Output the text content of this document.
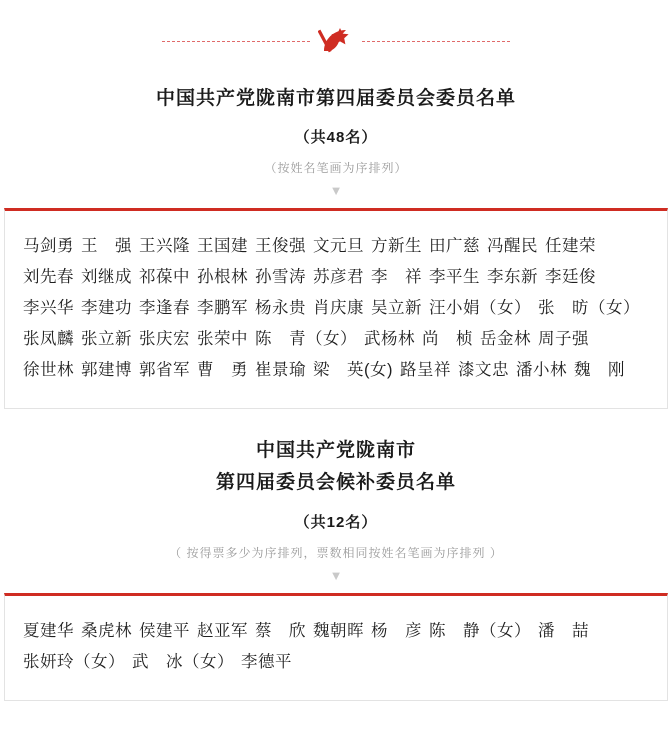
中国共产党陇南市第四届委员会委员名单
（共48名）
（按姓名笔画为序排列）
▼
马剑勇 王　强 王兴隆 王国建 王俊强 文元旦 方新生 田广慈 冯醒民 任建荣刘先春 刘继成 祁葆中 孙根林 孙雪涛 苏彦君 李　祥 李平生 李东新 李廷俊李兴华 李建功 李逢春 李鹏军 杨永贵 肖庆康 吴立新 汪小娟（女） 张　昉（女）张凤麟 张立新 张庆宏 张荣中 陈　青（女） 武杨林 尚　桢 岳金林 周子强徐世林 郭建博 郭省军 曹　勇 崔景瑜 梁　英(女) 路呈祥 漆文忠 潘小林 魏　刚
中国共产党陇南市
第四届委员会候补委员名单
（共12名）
（ 按得票多少为序排列，票数相同按姓名笔画为序排列 ）
▼
夏建华 桑虎林 侯建平 赵亚军 蔡　欣 魏朝晖 杨　彦 陈　静（女） 潘　喆张妍玲（女） 武　冰（女） 李德平
